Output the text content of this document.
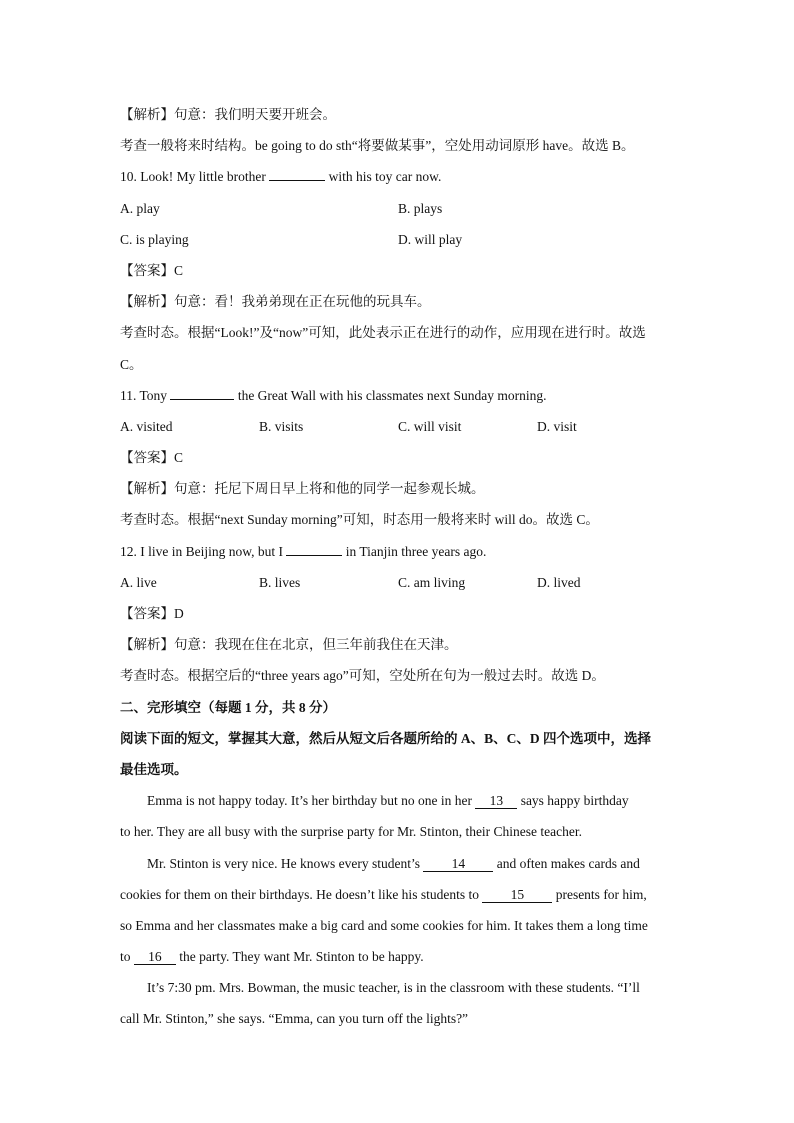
【解析】句意：我们明天要开班会。
考查一般将来时结构。be going to do sth“将要做某事”，空处用动词原形 have。故选 B。
10. Look! My little brother	with his toy car now.
A. play	B. plays
C. is playing	D. will play
【答案】C
【解析】句意：看！我弟弟现在正在玩他的玩具车。
考查时态。根据“Look!”及“now”可知，此处表示正在进行的动作，应用现在进行时。故选
C。
11. Tony	the Great Wall with his classmates next Sunday morning.
A. visited	B. visits	C. will visit	D. visit
【答案】C
【解析】句意：托尼下周日早上将和他的同学一起参观长城。
考查时态。根据“next Sunday morning”可知，时态用一般将来时 will do。故选 C。
12. I live in Beijing now, but I	in Tianjin three years ago.
A. live	B. lives	C. am living	D. lived
【答案】D
【解析】句意：我现在住在北京，但三年前我住在天津。
考查时态。根据空后的“three years ago”可知，空处所在句为一般过去时。故选 D。
二、完形填空（每题 1 分，共 8 分）
阅读下面的短文，掌握其大意，然后从短文后各题所给的 A、B、C、D 四个选项中，选择
最佳选项。
Emma is not happy today. It’s her birthday but no one in her 13 says happy birthday
to her. They are all busy with the surprise party for Mr. Stinton, their Chinese teacher.
Mr. Stinton is very nice. He knows every student’s 14 and often makes cards and
cookies for them on their birthdays. He doesn’t like his students to 15 presents for him,
so Emma and her classmates make a big card and some cookies for him. It takes them a long time
to 16 the party. They want Mr. Stinton to be happy.
It’s 7:30 pm. Mrs. Bowman, the music teacher, is in the classroom with these students. “I’ll
call Mr. Stinton,” she says. “Emma, can you turn off the lights?”
